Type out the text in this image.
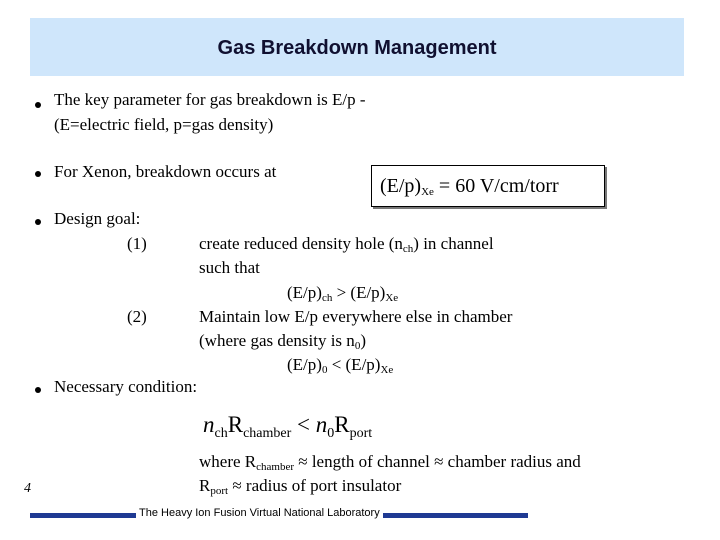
Gas Breakdown Management
The key parameter for gas breakdown is E/p -
(E=electric field, p=gas density)
For Xenon, breakdown occurs at
$(E/p)_{Xe} = 60$ V/cm/torr
Design goal:
(1)	create reduced density hole $(n_{ch})$ in channel
such that
$(E/p)_{ch} > (E/p)_{Xe}$
(2)	Maintain low E/p everywhere else in chamber
(where gas density is $n_0$)
$(E/p)_0 < (E/p)_{Xe}$
Necessary condition:
$n_{ch}R_{chamber} < n_0R_{port}$
where $R_{chamber}$ ≈ length of channel ≈ chamber radius and
$R_{port}$ ≈ radius of port insulator
4
The Heavy Ion Fusion Virtual National Laboratory
